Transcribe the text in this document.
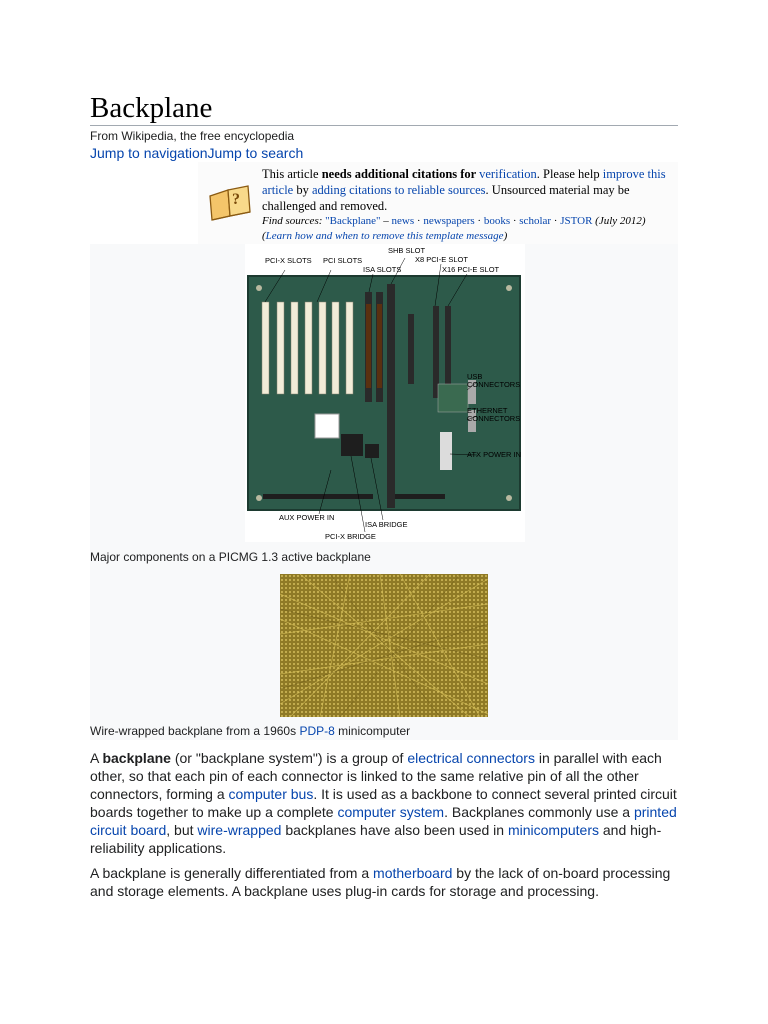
Backplane
From Wikipedia, the free encyclopedia
Jump to navigationJump to search
?
This article needs additional citations for verification. Please help improve this article by adding citations to reliable sources. Unsourced material may be challenged and removed.
Find sources: "Backplane" – news · newspapers · books · scholar · JSTOR (July 2012) (Learn how and when to remove this template message)
PCI-X SLOTS PCI SLOTS
ISA SLOTS
SHB SLOT
X8 PCI-E SLOT
X16 PCI-E SLOT
USB
CONNECTORS
ETHERNET
CONNECTORS
ATX POWER IN
AUX POWER IN
ISA BRIDGE
PCI-X BRIDGE
Major components on a PICMG 1.3 active backplane
Wire-wrapped backplane from a 1960s PDP-8 minicomputer

A backplane (or "backplane system") is a group of electrical connectors in parallel with each other, so that each pin of each connector is linked to the same relative pin of all the other connectors, forming a computer bus. It is used as a backbone to connect several printed circuit boards together to make up a complete computer system. Backplanes commonly use a printed circuit board, but wire-wrapped backplanes have also been used in minicomputers and high-reliability applications.

A backplane is generally differentiated from a motherboard by the lack of on-board processing and storage elements. A backplane uses plug-in cards for storage and processing.
